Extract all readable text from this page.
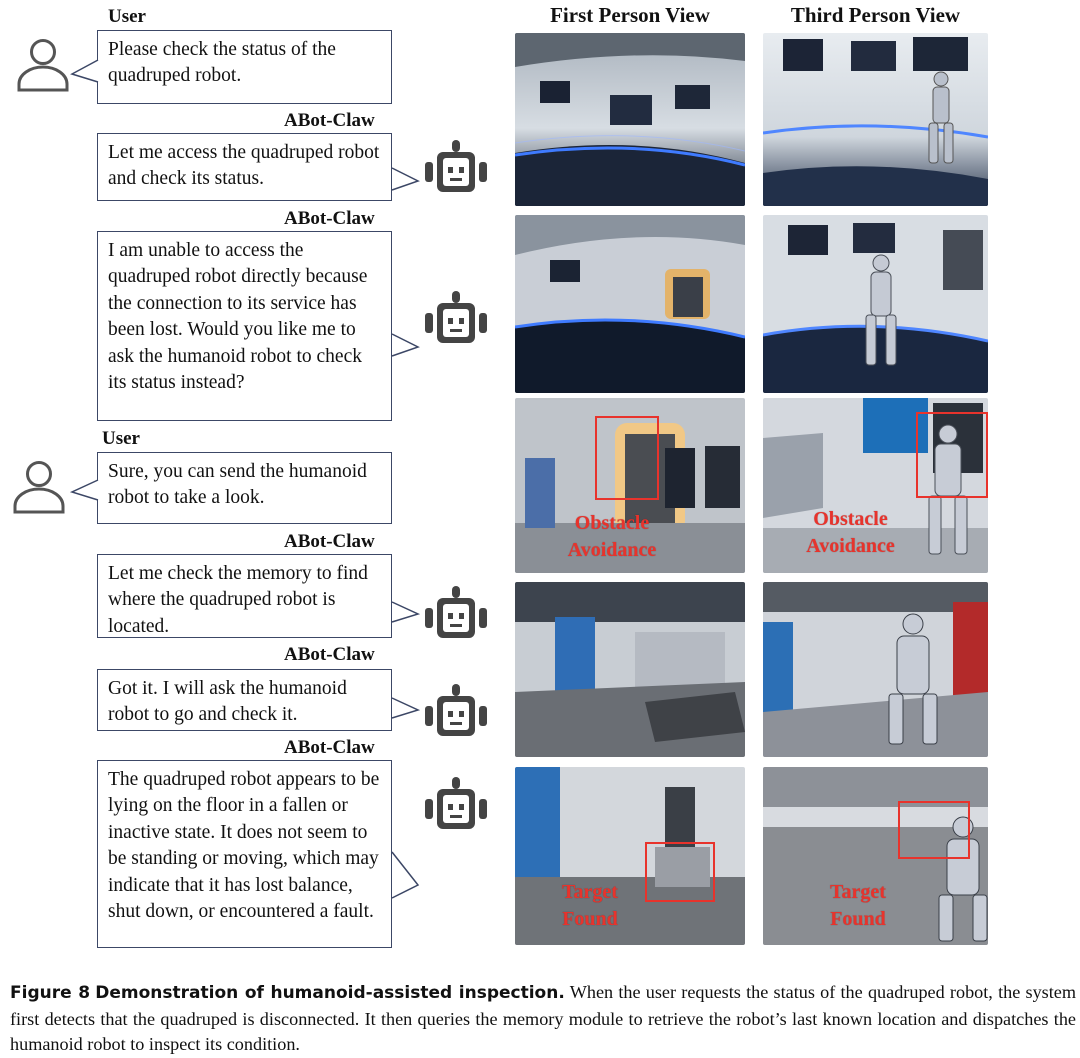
First Person View	Third Person View
User
Please check the status of the quadruped robot.
ABot-Claw
Let me access the quadruped robot and check its status.
ABot-Claw
I am unable to access the quadruped robot directly because the connection to its service has been lost. Would you like me to ask the humanoid robot to check its status instead?
User
Sure, you can send the humanoid robot to take a look.
ABot-Claw
Let me check the memory to find where the quadruped robot is located.
ABot-Claw
Got it. I will ask the humanoid robot to go and check it.
ABot-Claw
The quadruped robot appears to be lying on the floor in a fallen or inactive state. It does not seem to be standing or moving, which may indicate that it has lost balance, shut down, or encountered a fault.
Obstacle
Avoidance
Obstacle
Avoidance
Target
Found
Target
Found
Figure 8 Demonstration of humanoid-assisted inspection. When the user requests the status of the quadruped robot, the system first detects that the quadruped is disconnected. It then queries the memory module to retrieve the robot’s last known location and dispatches the humanoid robot to inspect its condition.
